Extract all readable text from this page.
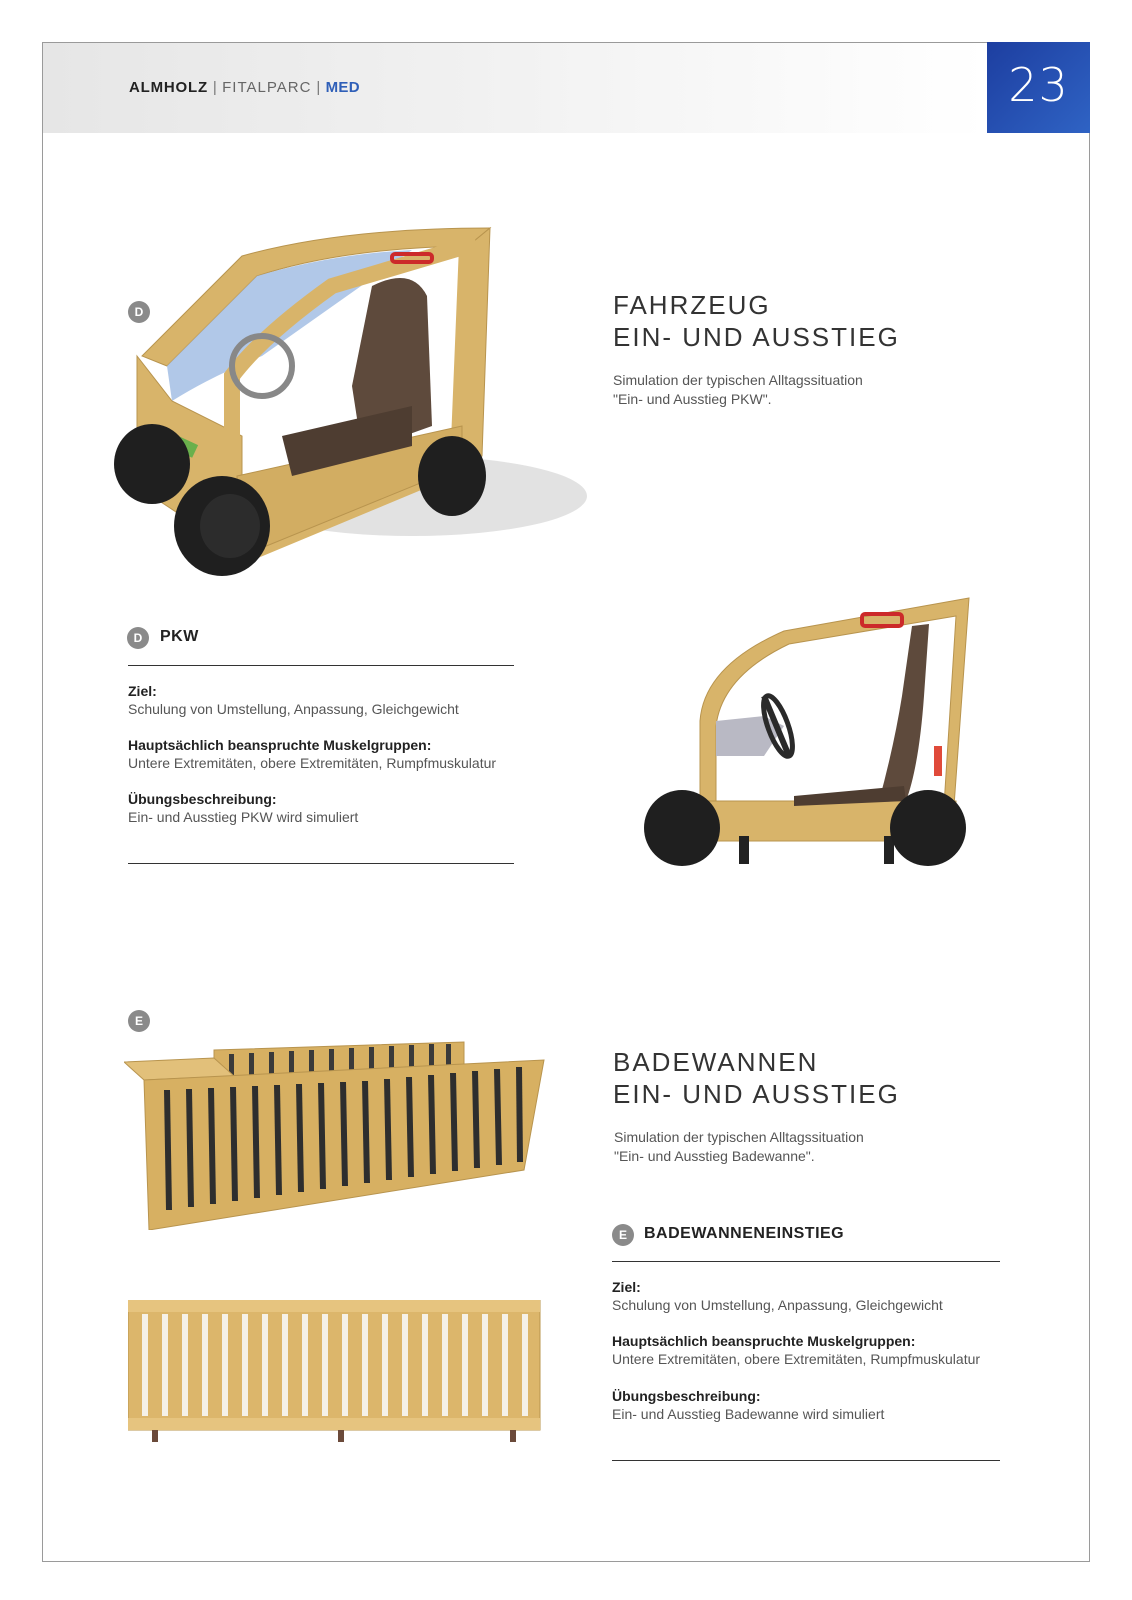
ALMHOLZ | FITALPARC | MED	23
D	FAHRZEUG
EIN- UND AUSSTIEG
Simulation der typischen Alltagssituation
"Ein- und Ausstieg PKW".
D	PKW
Ziel:
Schulung von Umstellung, Anpassung, Gleichgewicht
Hauptsächlich beanspruchte Muskelgruppen:
Untere Extremitäten, obere Extremitäten, Rumpfmuskulatur
Übungsbeschreibung:
Ein- und Ausstieg PKW wird simuliert
E
BADEWANNEN
EIN- UND AUSSTIEG
Simulation der typischen Alltagssituation
"Ein- und Ausstieg Badewanne".
E	BADEWANNENEINSTIEG
Ziel:
Schulung von Umstellung, Anpassung, Gleichgewicht
Hauptsächlich beanspruchte Muskelgruppen:
Untere Extremitäten, obere Extremitäten, Rumpfmuskulatur
Übungsbeschreibung:
Ein- und Ausstieg Badewanne wird simuliert
